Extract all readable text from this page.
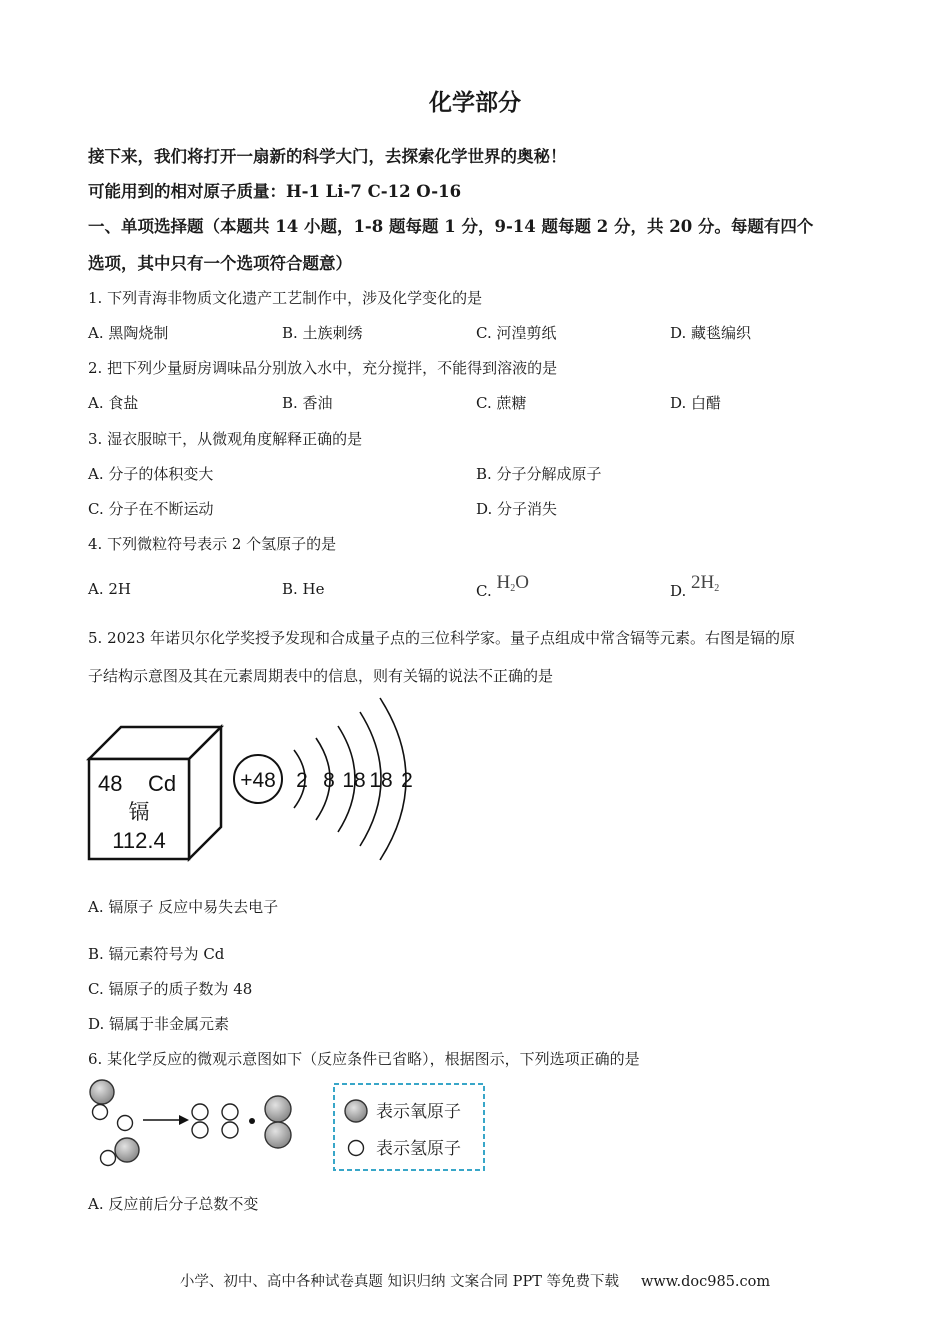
化学部分
接下来，我们将打开一扇新的科学大门，去探索化学世界的奥秘！
可能用到的相对原子质量：H-1 Li-7 C-12 O-16
一、单项选择题（本题共 14 小题，1-8 题每题 1 分，9-14 题每题 2 分，共 20 分。每题有四个
选项，其中只有一个选项符合题意）
1. 下列青海非物质文化遗产工艺制作中，涉及化学变化的是
A. 黑陶烧制	B. 土族刺绣	C. 河湟剪纸	D. 藏毯编织
2. 把下列少量厨房调味品分别放入水中，充分搅拌，不能得到溶液的是
A. 食盐	B. 香油	C. 蔗糖	D. 白醋
3. 湿衣服晾干，从微观角度解释正确的是
A. 分子的体积变大	B. 分子分解成原子
C. 分子在不断运动	D. 分子消失
4. 下列微粒符号表示 2 个氢原子的是
A. 2H	B. He	C. $H_2O$	D. $2H_2$
5. 2023 年诺贝尔化学奖授予发现和合成量子点的三位科学家。量子点组成中常含镉等元素。右图是镉的原
子结构示意图及其在元素周期表中的信息，则有关镉的说法不正确的是
48 Cd
镉
112.4
+48 2 8 18 18 2
A. 镉原子 反应中易失去电子
B. 镉元素符号为 Cd
C. 镉原子的质子数为 48
D. 镉属于非金属元素
6. 某化学反应的微观示意图如下（反应条件已省略），根据图示，下列选项正确的是
表示氧原子
表示氢原子
A. 反应前后分子总数不变
小学、初中、高中各种试卷真题 知识归纳 文案合同 PPT 等免费下载 www.doc985.com
